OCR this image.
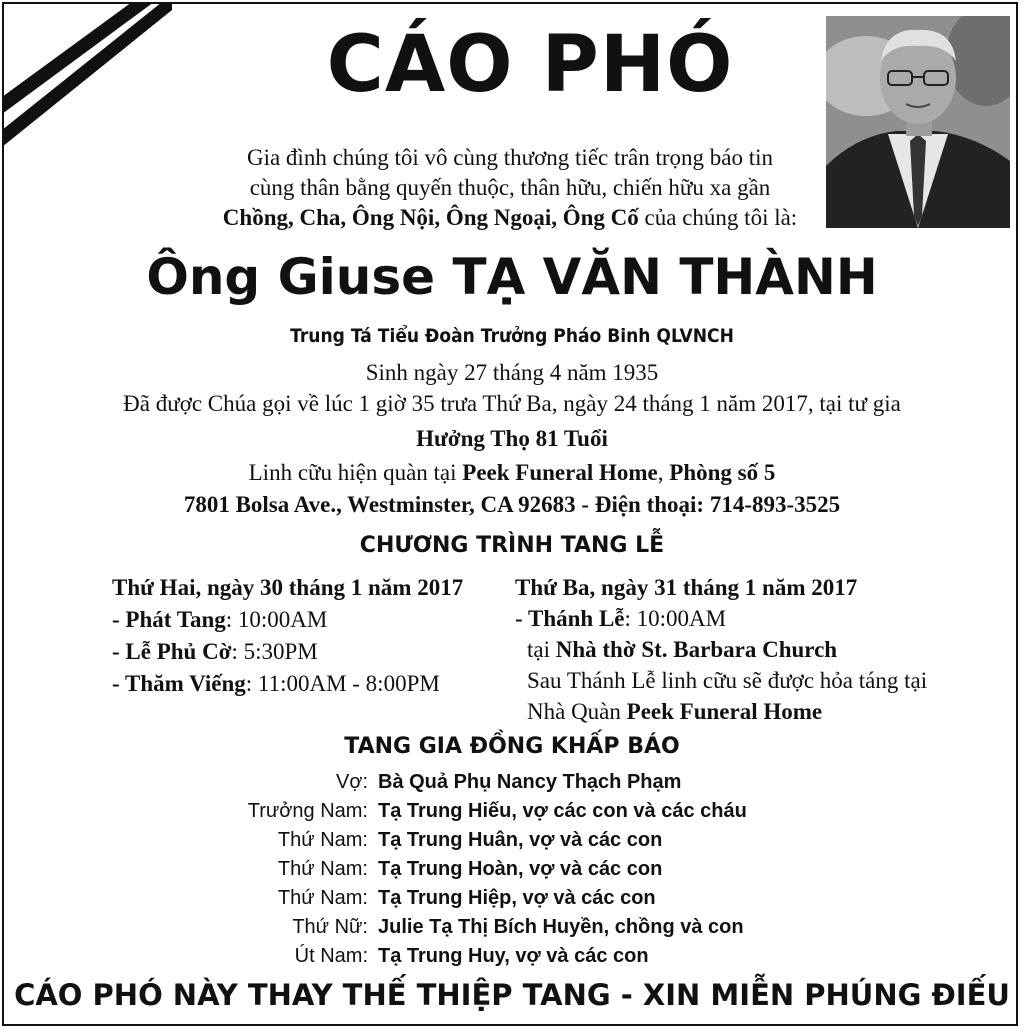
CÁO PHÓ
Gia đình chúng tôi vô cùng thương tiếc trân trọng báo tin
cùng thân bằng quyến thuộc, thân hữu, chiến hữu xa gần
Chồng, Cha, Ông Nội, Ông Ngoại, Ông Cố của chúng tôi là:
Ông Giuse TẠ VĂN THÀNH
Trung Tá Tiểu Đoàn Trưởng Pháo Binh QLVNCH
Sinh ngày 27 tháng 4 năm 1935
Đã được Chúa gọi về lúc 1 giờ 35 trưa Thứ Ba, ngày 24 tháng 1 năm 2017, tại tư gia
Hưởng Thọ 81 Tuổi
Linh cữu hiện quàn tại Peek Funeral Home, Phòng số 5
7801 Bolsa Ave., Westminster, CA 92683 - Điện thoại: 714-893-3525
CHƯƠNG TRÌNH TANG LỄ
Thứ Hai, ngày 30 tháng 1 năm 2017
- Phát Tang: 10:00AM
- Lễ Phủ Cờ: 5:30PM
- Thăm Viếng: 11:00AM - 8:00PM
Thứ Ba, ngày 31 tháng 1 năm 2017
- Thánh Lễ: 10:00AM
tại Nhà thờ St. Barbara Church
Sau Thánh Lễ linh cữu sẽ được hỏa táng tại
Nhà Quàn Peek Funeral Home
TANG GIA ĐỒNG KHẤP BÁO
Vợ: Bà Quả Phụ Nancy Thạch Phạm
Trưởng Nam: Tạ Trung Hiếu, vợ các con và các cháu
Thứ Nam: Tạ Trung Huân, vợ và các con
Thứ Nam: Tạ Trung Hoàn, vợ và các con
Thứ Nam: Tạ Trung Hiệp, vợ và các con
Thứ Nữ: Julie Tạ Thị Bích Huyền, chồng và con
Út Nam: Tạ Trung Huy, vợ và các con
CÁO PHÓ NÀY THAY THẾ THIỆP TANG - XIN MIỄN PHÚNG ĐIẾU
